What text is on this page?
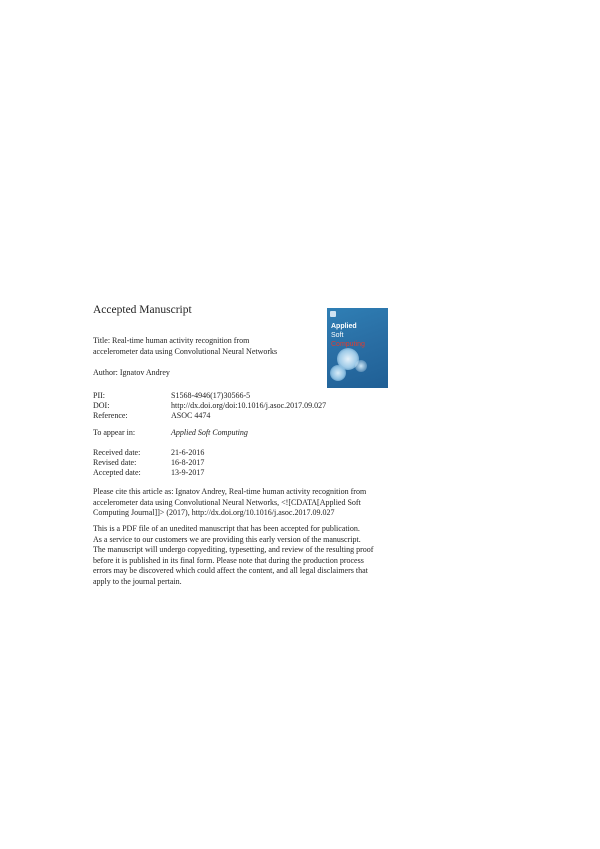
Accepted Manuscript
Title: Real-time human activity recognition from
accelerometer data using Convolutional Neural Networks
Author: Ignatov Andrey
Applied
Soft
Computing
PII:	S1568-4946(17)30566-5
DOI:	http://dx.doi.org/doi:10.1016/j.asoc.2017.09.027
Reference:	ASOC 4474
To appear in:	Applied Soft Computing
Received date:	21-6-2016
Revised date:	16-8-2017
Accepted date:	13-9-2017
Please cite this article as: Ignatov Andrey, Real-time human activity recognition from
accelerometer data using Convolutional Neural Networks, <![CDATA[Applied Soft
Computing Journal]]> (2017), http://dx.doi.org/10.1016/j.asoc.2017.09.027
This is a PDF file of an unedited manuscript that has been accepted for publication.
As a service to our customers we are providing this early version of the manuscript.
The manuscript will undergo copyediting, typesetting, and review of the resulting proof
before it is published in its final form. Please note that during the production process
errors may be discovered which could affect the content, and all legal disclaimers that
apply to the journal pertain.
